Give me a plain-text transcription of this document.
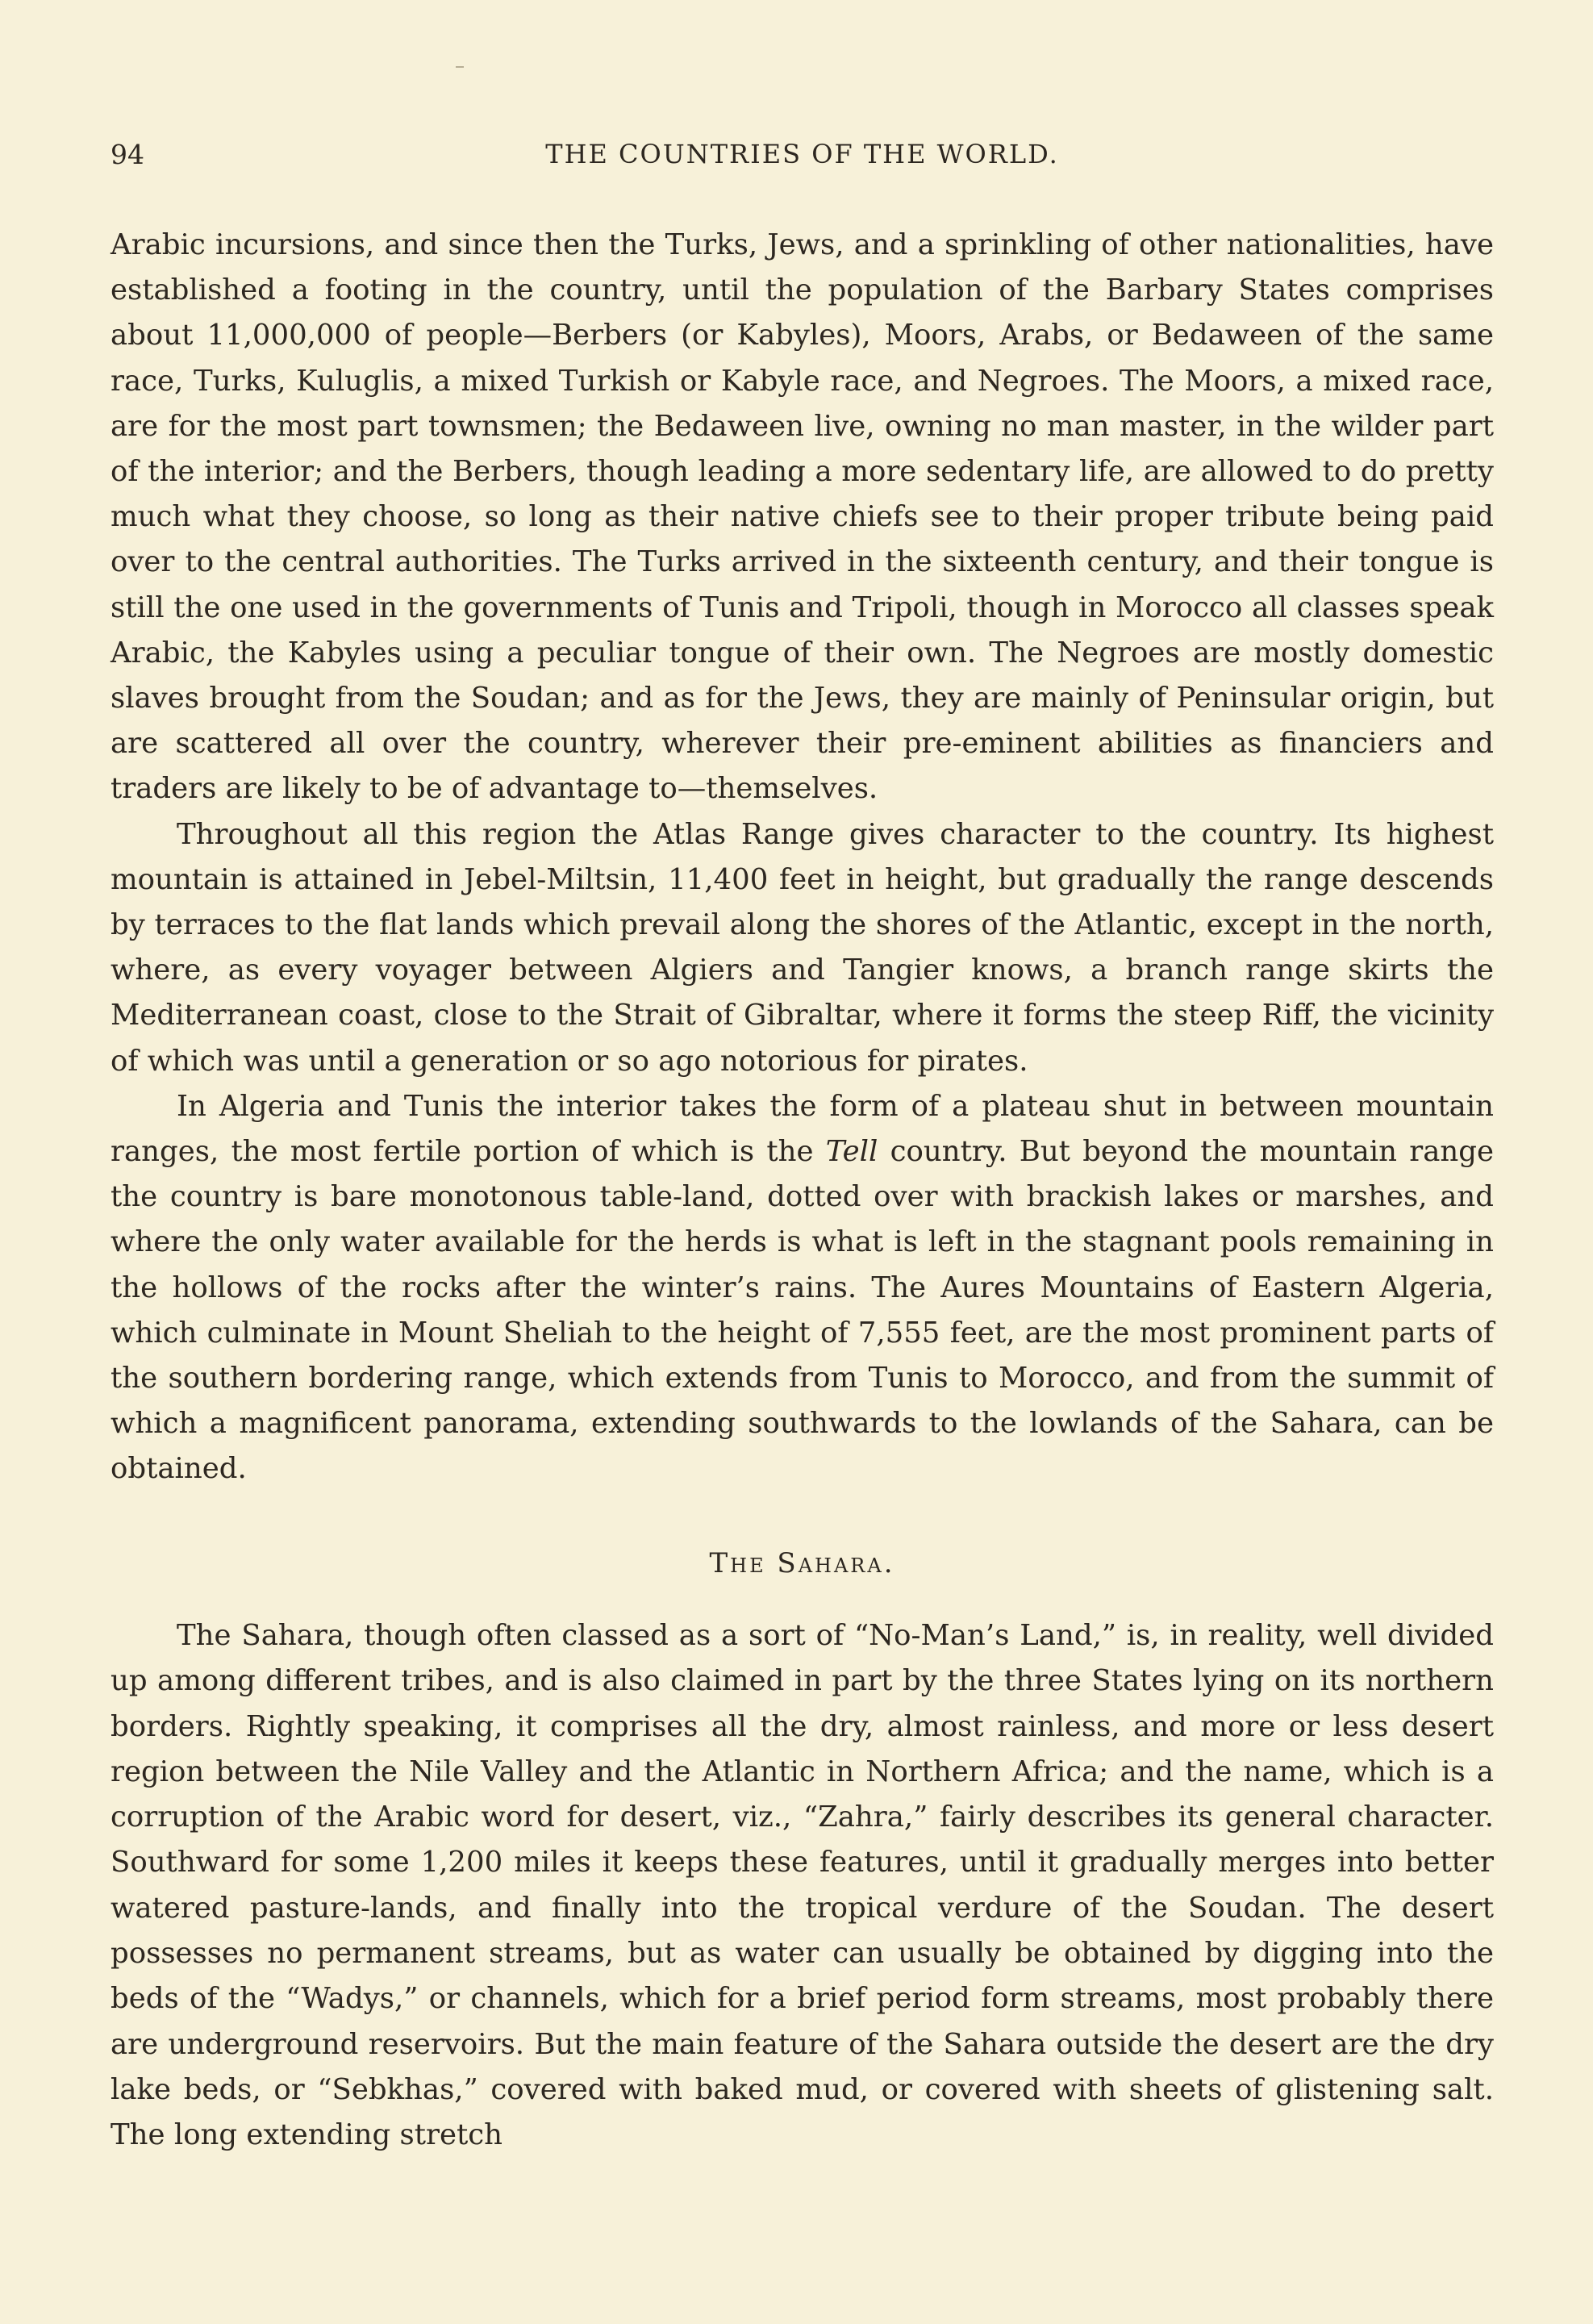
94	THE COUNTRIES OF THE WORLD.

Arabic incursions, and since then the Turks, Jews, and a sprinkling of other nationalities, have established a footing in the country, until the population of the Barbary States comprises about 11,000,000 of people—Berbers (or Kabyles), Moors, Arabs, or Bedaween of the same race, Turks, Kuluglis, a mixed Turkish or Kabyle race, and Negroes. The Moors, a mixed race, are for the most part townsmen; the Bedaween live, owning no man master, in the wilder part of the interior; and the Berbers, though leading a more sedentary life, are allowed to do pretty much what they choose, so long as their native chiefs see to their proper tribute being paid over to the central authorities. The Turks arrived in the sixteenth century, and their tongue is still the one used in the governments of Tunis and Tripoli, though in Morocco all classes speak Arabic, the Kabyles using a peculiar tongue of their own. The Negroes are mostly domestic slaves brought from the Soudan; and as for the Jews, they are mainly of Peninsular origin, but are scattered all over the country, wherever their pre-eminent abilities as financiers and traders are likely to be of advantage to—themselves.

Throughout all this region the Atlas Range gives character to the country. Its highest mountain is attained in Jebel-Miltsin, 11,400 feet in height, but gradually the range descends by terraces to the flat lands which prevail along the shores of the Atlantic, except in the north, where, as every voyager between Algiers and Tangier knows, a branch range skirts the Mediterranean coast, close to the Strait of Gibraltar, where it forms the steep Riff, the vicinity of which was until a generation or so ago notorious for pirates.

In Algeria and Tunis the interior takes the form of a plateau shut in between mountain ranges, the most fertile portion of which is the Tell country. But beyond the mountain range the country is bare monotonous table-land, dotted over with brackish lakes or marshes, and where the only water available for the herds is what is left in the stagnant pools remaining in the hollows of the rocks after the winter’s rains. The Aures Mountains of Eastern Algeria, which culminate in Mount Sheliah to the height of 7,555 feet, are the most prominent parts of the southern bordering range, which extends from Tunis to Morocco, and from the summit of which a magnificent panorama, extending southwards to the lowlands of the Sahara, can be obtained.

The Sahara.

The Sahara, though often classed as a sort of “No-Man’s Land,” is, in reality, well divided up among different tribes, and is also claimed in part by the three States lying on its northern borders. Rightly speaking, it comprises all the dry, almost rainless, and more or less desert region between the Nile Valley and the Atlantic in Northern Africa; and the name, which is a corruption of the Arabic word for desert, viz., “Zahra,” fairly describes its general character. Southward for some 1,200 miles it keeps these features, until it gradually merges into better watered pasture-lands, and finally into the tropical verdure of the Soudan. The desert possesses no permanent streams, but as water can usually be obtained by digging into the beds of the “Wadys,” or channels, which for a brief period form streams, most probably there are underground reservoirs. But the main feature of the Sahara outside the desert are the dry lake beds, or “Sebkhas,” covered with baked mud, or covered with sheets of glistening salt. The long extending stretch
